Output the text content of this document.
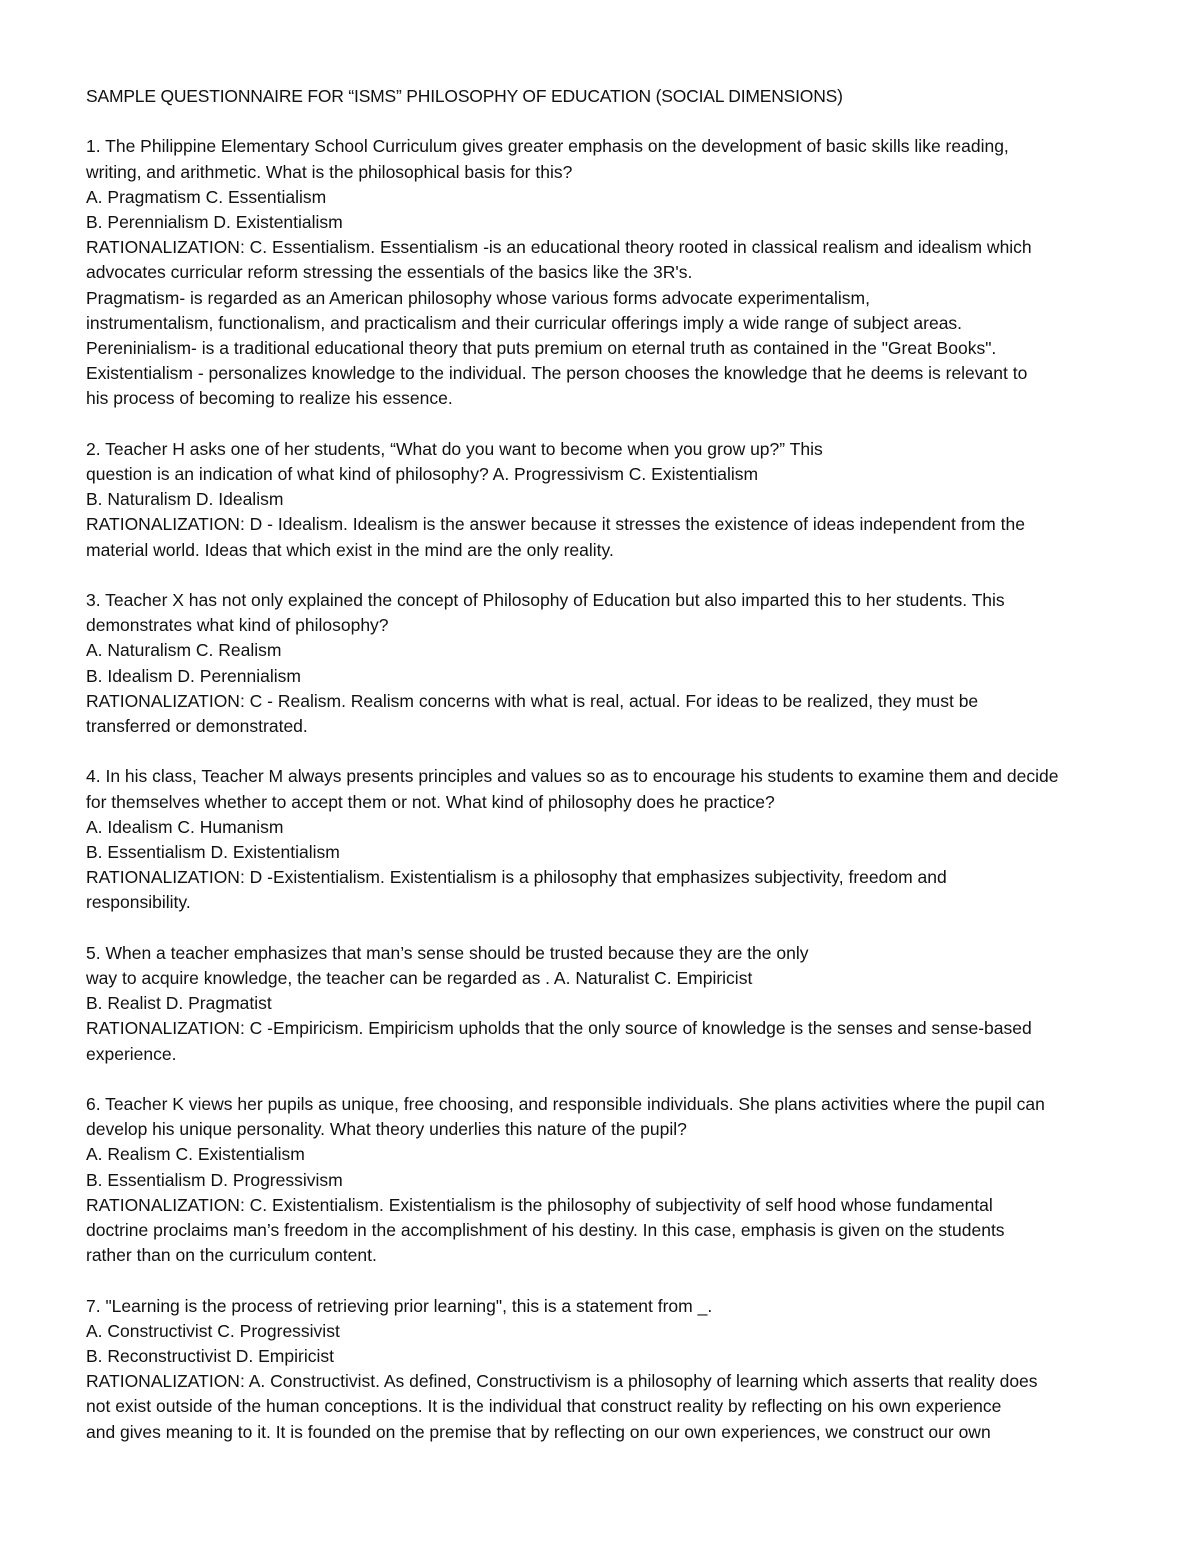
SAMPLE QUESTIONNAIRE FOR “ISMS” PHILOSOPHY OF EDUCATION (SOCIAL DIMENSIONS)

1. The Philippine Elementary School Curriculum gives greater emphasis on the development of basic skills like reading,

writing, and arithmetic. What is the philosophical basis for this?

A. Pragmatism C. Essentialism

B. Perennialism D. Existentialism

RATIONALIZATION: C. Essentialism. Essentialism -is an educational theory rooted in classical realism and idealism which

advocates curricular reform stressing the essentials of the basics like the 3R's.

Pragmatism- is regarded as an American philosophy whose various forms advocate experimentalism,

instrumentalism, functionalism, and practicalism and their curricular offerings imply a wide range of subject areas.

Pereninialism- is a traditional educational theory that puts premium on eternal truth as contained in the "Great Books".

Existentialism - personalizes knowledge to the individual. The person chooses the knowledge that he deems is relevant to

his process of becoming to realize his essence.

2. Teacher H asks one of her students, “What do you want to become when you grow up?” This

question is an indication of what kind of philosophy? A. Progressivism C. Existentialism

B. Naturalism D. Idealism

RATIONALIZATION: D - Idealism. Idealism is the answer because it stresses the existence of ideas independent from the

material world. Ideas that which exist in the mind are the only reality.

3. Teacher X has not only explained the concept of Philosophy of Education but also imparted this to her students. This

demonstrates what kind of philosophy?

A. Naturalism C. Realism

B. Idealism D. Perennialism

RATIONALIZATION: C - Realism. Realism concerns with what is real, actual. For ideas to be realized, they must be

transferred or demonstrated.

4. In his class, Teacher M always presents principles and values so as to encourage his students to examine them and decide

for themselves whether to accept them or not. What kind of philosophy does he practice?

A. Idealism C. Humanism

B. Essentialism D. Existentialism

RATIONALIZATION: D -Existentialism. Existentialism is a philosophy that emphasizes subjectivity, freedom and

responsibility.

5. When a teacher emphasizes that man’s sense should be trusted because they are the only

way to acquire knowledge, the teacher can be regarded as . A. Naturalist C. Empiricist

B. Realist D. Pragmatist

RATIONALIZATION: C -Empiricism. Empiricism upholds that the only source of knowledge is the senses and sense-based

experience.

6. Teacher K views her pupils as unique, free choosing, and responsible individuals. She plans activities where the pupil can

develop his unique personality. What theory underlies this nature of the pupil?

A. Realism C. Existentialism

B. Essentialism D. Progressivism

RATIONALIZATION: C. Existentialism. Existentialism is the philosophy of subjectivity of self hood whose fundamental

doctrine proclaims man’s freedom in the accomplishment of his destiny. In this case, emphasis is given on the students

rather than on the curriculum content.

7. "Learning is the process of retrieving prior learning", this is a statement from _.

A. Constructivist C. Progressivist

B. Reconstructivist D. Empiricist

RATIONALIZATION: A. Constructivist. As defined, Constructivism is a philosophy of learning which asserts that reality does

not exist outside of the human conceptions. It is the individual that construct reality by reflecting on his own experience

and gives meaning to it. It is founded on the premise that by reflecting on our own experiences, we construct our own
